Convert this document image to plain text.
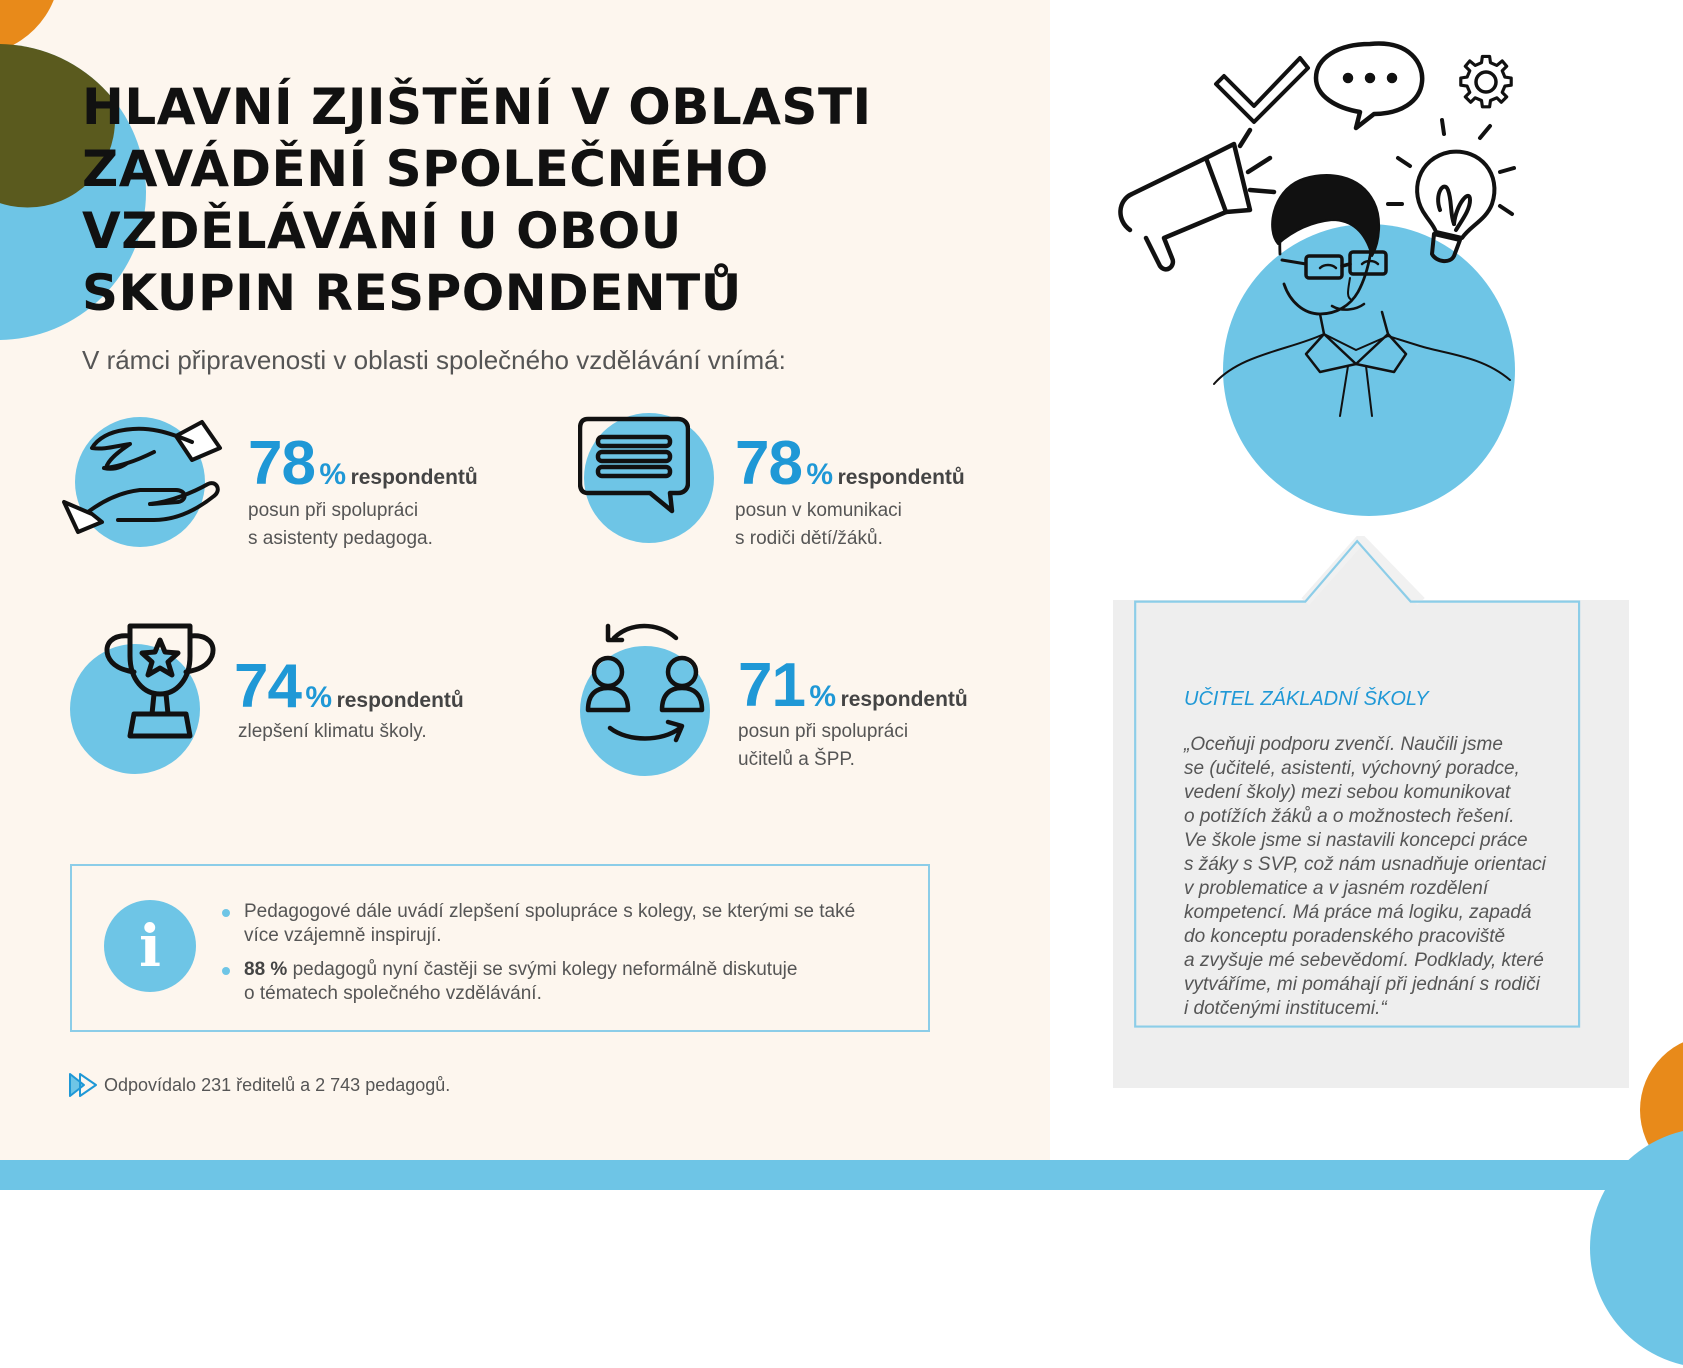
HLAVNÍ ZJIŠTĚNÍ V OBLASTI
ZAVÁDĚNÍ SPOLEČNÉHO
VZDĚLÁVÁNÍ U OBOU
SKUPIN RESPONDENTŮ
V rámci připravenosti v oblasti společného vzdělávání vnímá:
78 % respondentů
posun při spolupráci
s asistenty pedagoga.
78 % respondentů
posun v komunikaci
s rodiči dětí/žáků.
74 % respondentů
zlepšení klimatu školy.
71 % respondentů
posun při spolupráci
učitelů a ŠPP.
i
Pedagogové dále uvádí zlepšení spolupráce s kolegy, se kterými se také
více vzájemně inspirují.
88 % pedagogů nyní častěji se svými kolegy neformálně diskutuje
o tématech společného vzdělávání.
Odpovídalo 231 ředitelů a 2 743 pedagogů.
UČITEL ZÁKLADNÍ ŠKOLY
„Oceňuji podporu zvenčí. Naučili jsme
se (učitelé, asistenti, výchovný poradce,
vedení školy) mezi sebou komunikovat
o potížích žáků a o možnostech řešení.
Ve škole jsme si nastavili koncepci práce
s žáky s SVP, což nám usnadňuje orientaci
v problematice a v jasném rozdělení
kompetencí. Má práce má logiku, zapadá
do konceptu poradenského pracoviště
a zvyšuje mé sebevědomí. Podklady, které
vytváříme, mi pomáhají při jednání s rodiči
i dotčenými institucemi.“
